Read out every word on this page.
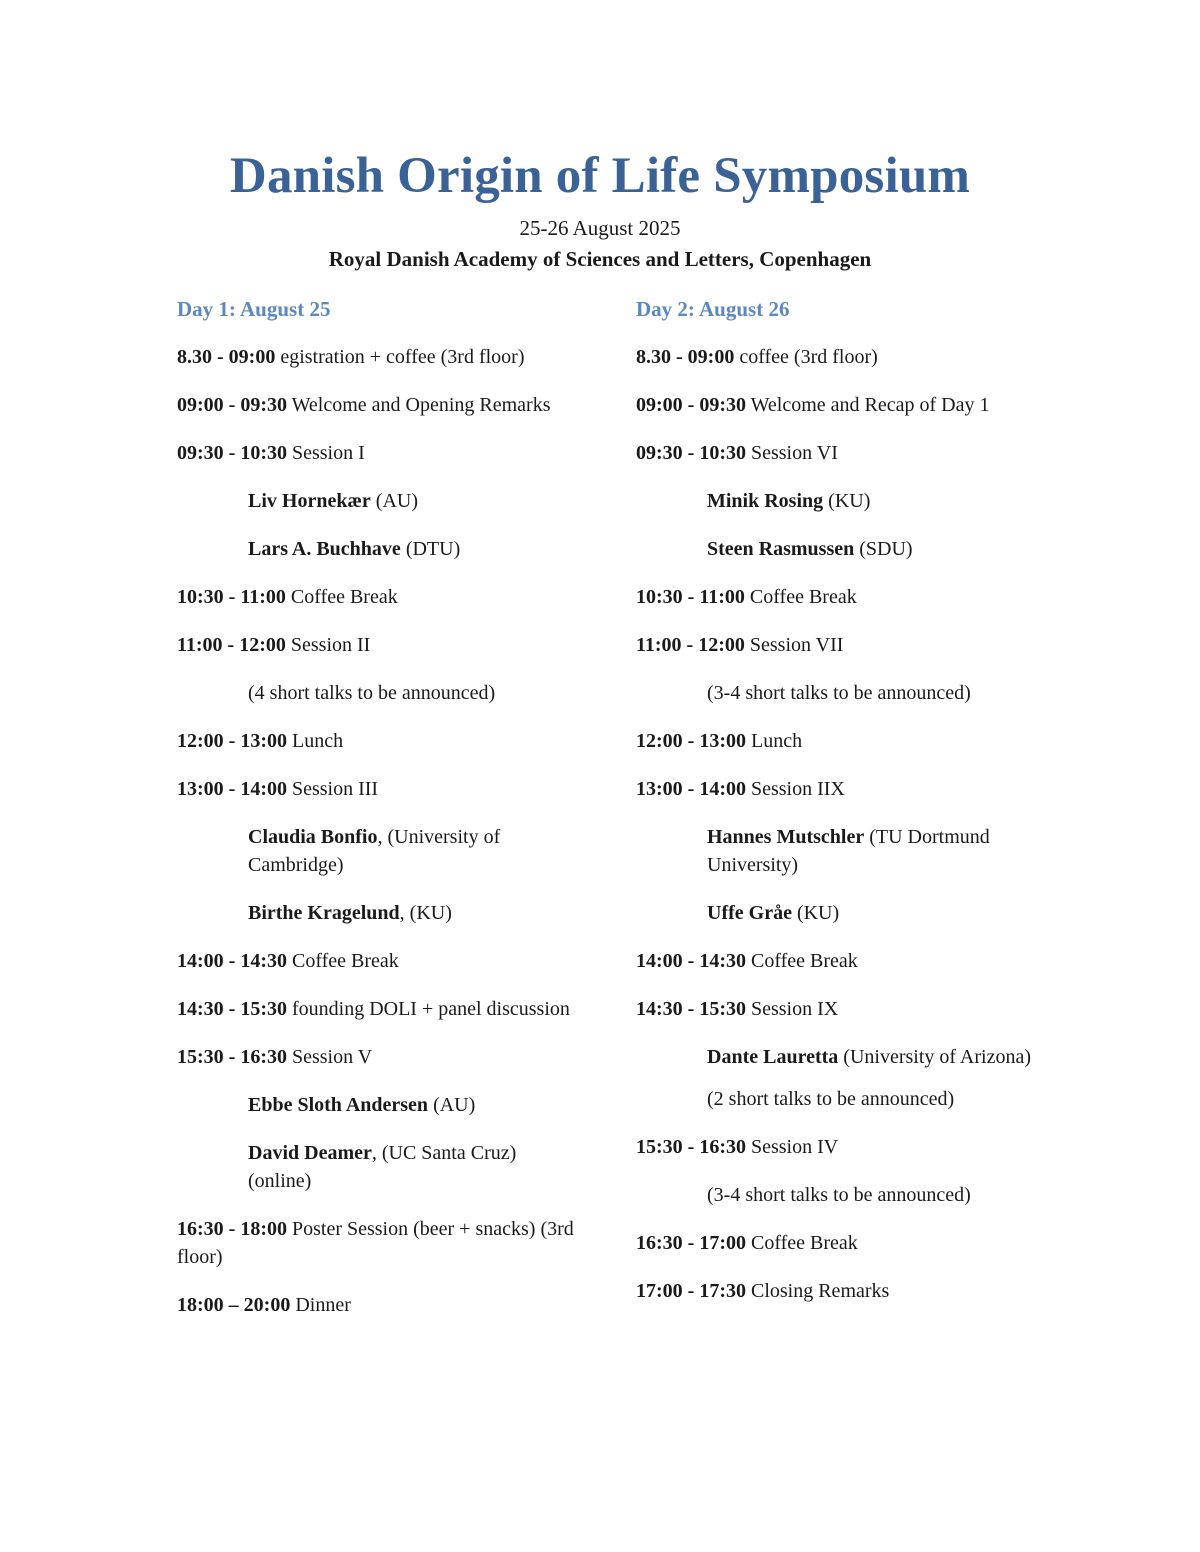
Danish Origin of Life Symposium
25-26 August 2025
Royal Danish Academy of Sciences and Letters, Copenhagen
Day 1: August 25
8.30 - 09:00 egistration + coffee (3rd floor)
09:00 - 09:30 Welcome and Opening Remarks
09:30 - 10:30 Session I
Liv Hornekær (AU)
Lars A. Buchhave (DTU)
10:30 - 11:00 Coffee Break
11:00 - 12:00 Session II
(4 short talks to be announced)
12:00 - 13:00 Lunch
13:00 - 14:00 Session III
Claudia Bonfio, (University of Cambridge)
Birthe Kragelund, (KU)
14:00 - 14:30 Coffee Break
14:30 - 15:30 founding DOLI + panel discussion
15:30 - 16:30 Session V
Ebbe Sloth Andersen (AU)
David Deamer, (UC Santa Cruz) (online)
16:30 - 18:00 Poster Session (beer + snacks) (3rd floor)
18:00 – 20:00 Dinner
Day 2: August 26
8.30 - 09:00 coffee (3rd floor)
09:00 - 09:30 Welcome and Recap of Day 1
09:30 - 10:30 Session VI
Minik Rosing (KU)
Steen Rasmussen (SDU)
10:30 - 11:00 Coffee Break
11:00 - 12:00 Session VII
(3-4 short talks to be announced)
12:00 - 13:00 Lunch
13:00 - 14:00 Session IIX
Hannes Mutschler (TU Dortmund University)
Uffe Gråe (KU)
14:00 - 14:30 Coffee Break
14:30 - 15:30 Session IX
Dante Lauretta (University of Arizona)
(2 short talks to be announced)
15:30 - 16:30 Session IV
(3-4 short talks to be announced)
16:30 - 17:00 Coffee Break
17:00 - 17:30 Closing Remarks
